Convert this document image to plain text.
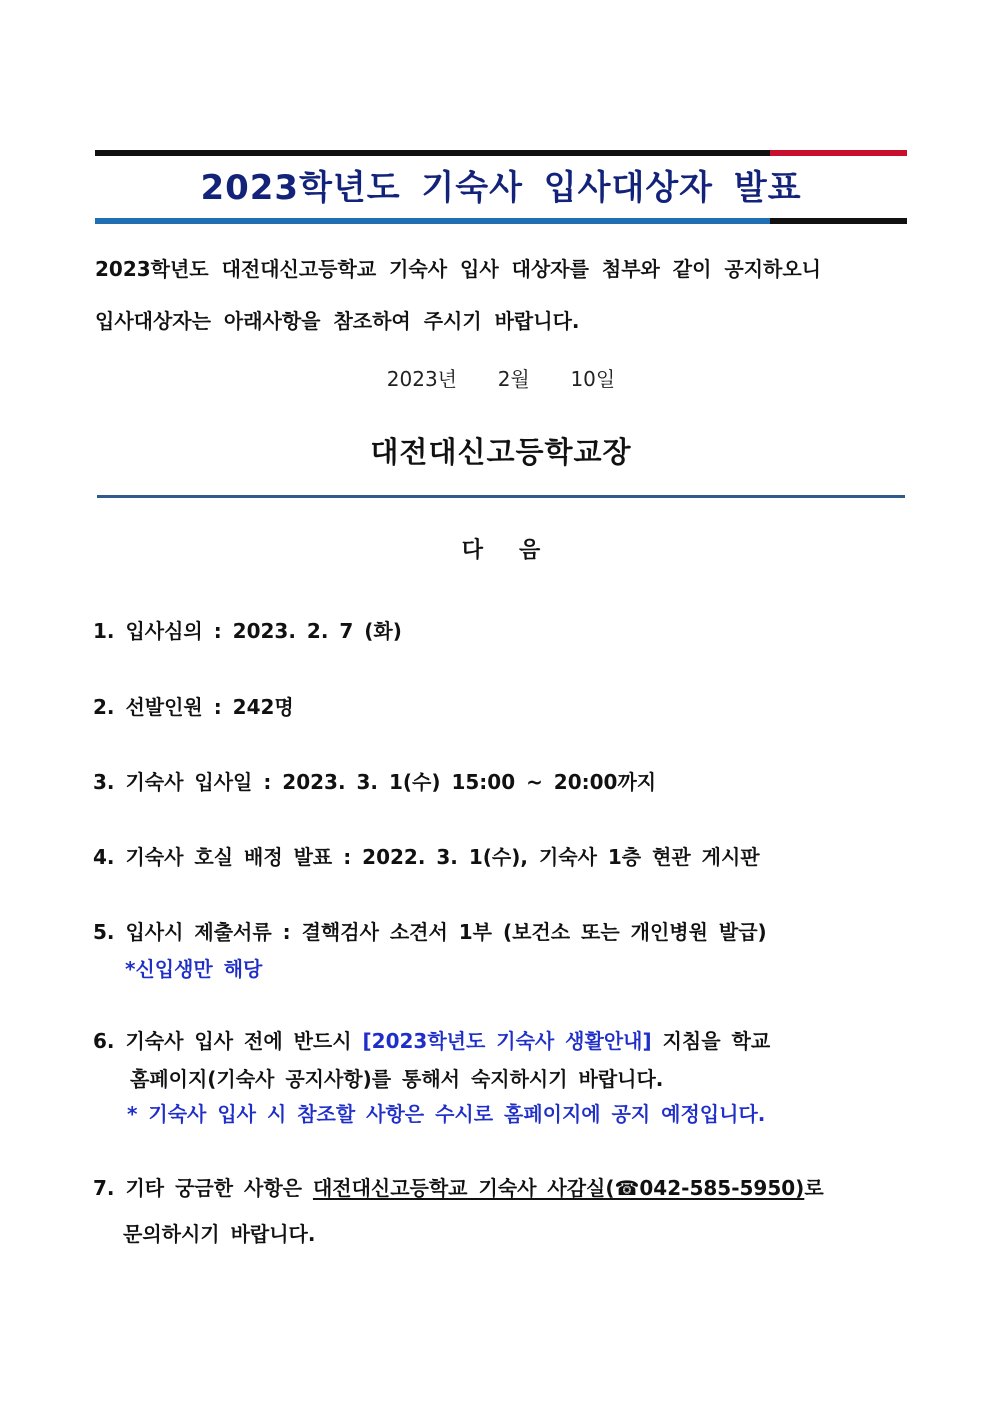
2023학년도 기숙사 입사대상자 발표
2023학년도 대전대신고등학교 기숙사 입사 대상자를 첨부와 같이 공지하오니
입사대상자는 아래사항을 참조하여 주시기 바랍니다.
2023년  2월  10일
대전대신고등학교장
다 음
1. 입사심의 : 2023. 2. 7 (화)
2. 선발인원 : 242명
3. 기숙사 입사일 : 2023. 3. 1(수) 15:00 ~ 20:00까지
4. 기숙사 호실 배정 발표 : 2022. 3. 1(수), 기숙사 1층 현관 게시판
5. 입사시 제출서류 : 결핵검사 소견서 1부 (보건소 또는 개인병원 발급)
*신입생만 해당
6. 기숙사 입사 전에 반드시 [2023학년도 기숙사 생활안내] 지침을 학교
홈페이지(기숙사 공지사항)를 통해서 숙지하시기 바랍니다.
* 기숙사 입사 시 참조할 사항은 수시로 홈페이지에 공지 예정입니다.
7. 기타 궁금한 사항은 대전대신고등학교 기숙사 사감실(☎042-585-5950)로
문의하시기 바랍니다.
